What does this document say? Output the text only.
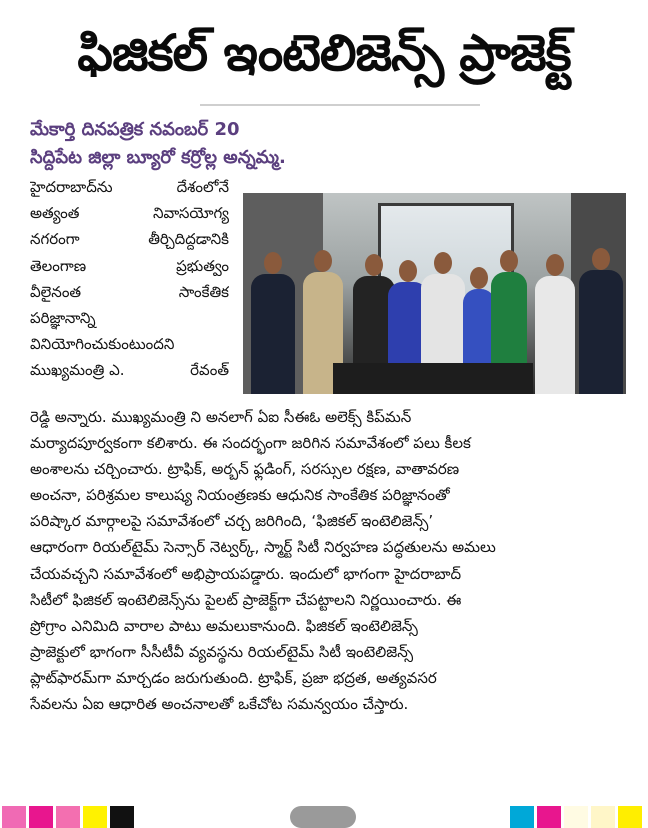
ఫిజికల్ ఇంటెలిజెన్స్ ప్రాజెక్ట్
మేకార్తి దినపత్రిక నవంబర్ 20
సిద్దిపేట జిల్లా బ్యూరో కర్రోల్ల అన్నమ్మ.
హైదరాబాద్‌ను	దేశంలోనే
అత్యంత	నివాసయోగ్య
నగరంగా	తీర్చిదిద్దడానికి
తెలంగాణ	ప్రభుత్వం
వీలైనంత	సాంకేతిక
పరిజ్ఞానాన్ని
వినియోగించుకుంటుందని
ముఖ్యమంత్రి ఎ.	రేవంత్
రెడ్డి అన్నారు. ముఖ్యమంత్రి ని అనలాగ్ ఏఐ సీఈఓ అలెక్స్ కిప్‌మన్
మర్యాదపూర్వకంగా కలిశారు. ఈ సందర్భంగా జరిగిన సమావేశంలో పలు కీలక
అంశాలను చర్చించారు. ట్రాఫిక్, అర్బన్ ఫ్లడింగ్, సరస్సుల రక్షణ, వాతావరణ
అంచనా, పరిశ్రమల కాలుష్య నియంత్రణకు ఆధునిక సాంకేతిక పరిజ్ఞానంతో
పరిష్కార మార్గాలపై సమావేశంలో చర్చ జరిగింది, ‘ఫిజికల్ ఇంటెలిజెన్స్’
ఆధారంగా రియల్‌టైమ్ సెన్సార్ నెట్వర్క్, స్మార్ట్ సిటీ నిర్వహణ పద్ధతులను అమలు
చేయవచ్చని సమావేశంలో అభిప్రాయపడ్డారు. ఇందులో భాగంగా హైదరాబాద్
సిటీలో ఫిజికల్ ఇంటెలిజెన్స్‌ను పైలట్ ప్రాజెక్ట్‌గా చేపట్టాలని నిర్ణయించారు. ఈ
ప్రోగ్రాం ఎనిమిది వారాల పాటు అమలుకానుంది. ఫిజికల్ ఇంటెలిజెన్స్
ప్రాజెక్టులో భాగంగా సీసీటీవీ వ్యవస్థను రియల్‌టైమ్ సిటీ ఇంటెలిజెన్స్
ప్లాట్‌ఫారమ్‌గా మార్చడం జరుగుతుంది. ట్రాఫిక్, ప్రజా భద్రత, అత్యవసర
సేవలను ఏఐ ఆధారిత అంచనాలతో ఒకేచోట సమన్వయం చేస్తారు.
